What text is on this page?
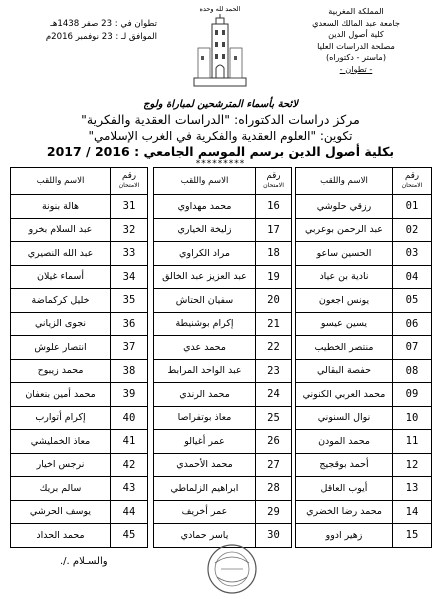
المملكة المغربية
جامعة عبد المالك السعدي
كلية أصول الدين
مصلحة الدراسات العليا
(ماستر - دكتوراه)
- تطوان -
تطوان في : 23 صفر 1438هـ
الموافق لـ : 23 نوفمبر 2016م
الحمد لله وحده
لائحة بأسماء المترشحين لمباراة ولوج
مركز دراسات الدكتوراه: "الدراسات العقدية والفكرية"
تكوين: "العلوم العقدية والفكرية في الغرب الإسلامي"
بكلية أصول الدين برسم الموسم الجامعي : 2016 / 2017
*********
رقم
الامتحان	الاسم واللقب
01	رزقي حلوشي
02	عبد الرحمن بوعربي
03	الحسين ساعو
04	نادية بن عياد
05	يونس اجعون
06	يسين عيسو
07	منتصر الخطيب
08	حفصة البقالي
09	محمد العربي الكنوني
10	نوال السنوني
11	محمد المودن
12	أحمد بوقجيج
13	أيوب العاقل
14	محمد رضا الخضري
15	زهير ادوو
رقم
الامتحان	الاسم واللقب
16	محمد مهداوي
17	زليخة الخياري
18	مراد الكراوي
19	عبد العزيز عبد الخالق
20	سفيان الحتاش
21	إكرام بوشنيطة
22	محمد عدي
23	عبد الواحد المرابط
24	محمد الرندي
25	معاذ بوتفراصا
26	عمر أغيالو
27	محمد الأحمدي
28	ابراهيم الزلماطي
29	عمر أخريف
30	ياسر حمادي
رقم
الامتحان	الاسم واللقب
31	هالة بنونة
32	عبد السلام بخرو
33	عبد الله النصيري
34	أسماء غيلان
35	خليل كركماضة
36	نجوى الزياني
37	انتصار علوش
38	محمد زيبوح
39	محمد أمين بنعفان
40	إكرام أتوارب
41	معاذ الخمليشي
42	نرجس اخيار
43	سالم بريك
44	يوسف الحرشي
45	محمد الحداد
والسـلام ./.
